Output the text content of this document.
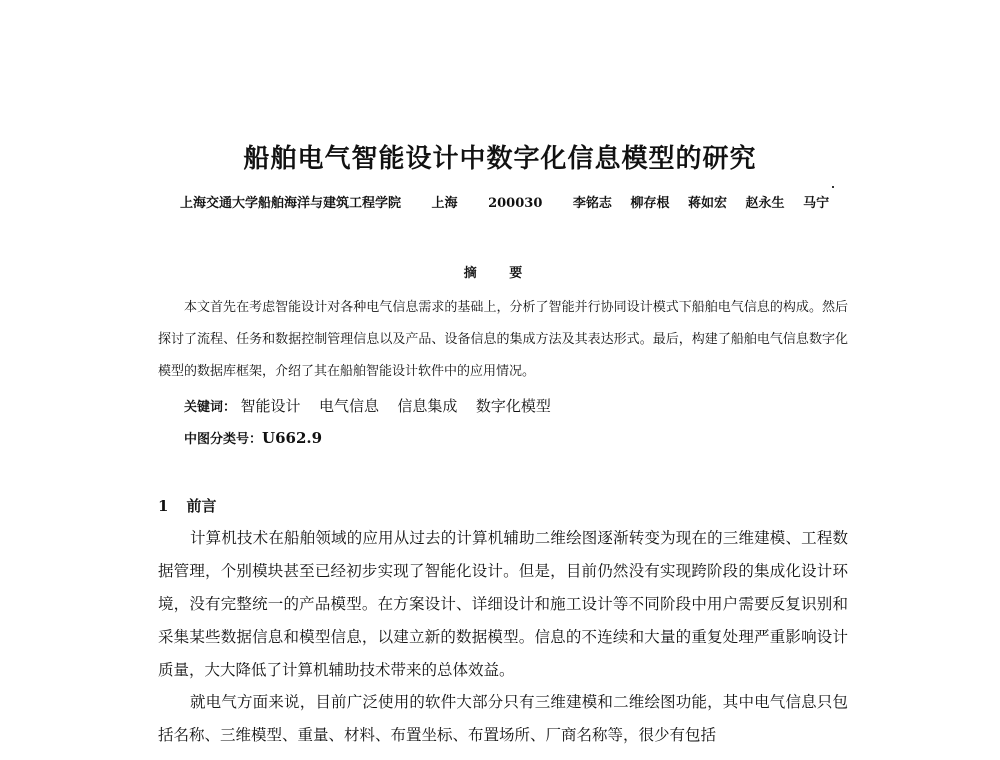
船舶电气智能设计中数字化信息模型的研究
上海交通大学船舶海洋与建筑工程学院 上海 200030 李铭志 柳存根 蒋如宏 赵永生 马宁
摘 要
本文首先在考虑智能设计对各种电气信息需求的基础上，分析了智能并行协同设计模式下船舶电气信息的构成。然后探讨了流程、任务和数据控制管理信息以及产品、设备信息的集成方法及其表达形式。最后，构建了船舶电气信息数字化模型的数据库框架，介绍了其在船舶智能设计软件中的应用情况。
关键词： 智能设计 电气信息 信息集成 数字化模型
中图分类号：U662.9
1 前言
计算机技术在船舶领域的应用从过去的计算机辅助二维绘图逐渐转变为现在的三维建模、工程数据管理，个别模块甚至已经初步实现了智能化设计。但是，目前仍然没有实现跨阶段的集成化设计环境，没有完整统一的产品模型。在方案设计、详细设计和施工设计等不同阶段中用户需要反复识别和采集某些数据信息和模型信息，以建立新的数据模型。信息的不连续和大量的重复处理严重影响设计质量，大大降低了计算机辅助技术带来的总体效益。
就电气方面来说，目前广泛使用的软件大部分只有三维建模和二维绘图功能，其中电气信息只包括名称、三维模型、重量、材料、布置坐标、布置场所、厂商名称等，很少有包括
